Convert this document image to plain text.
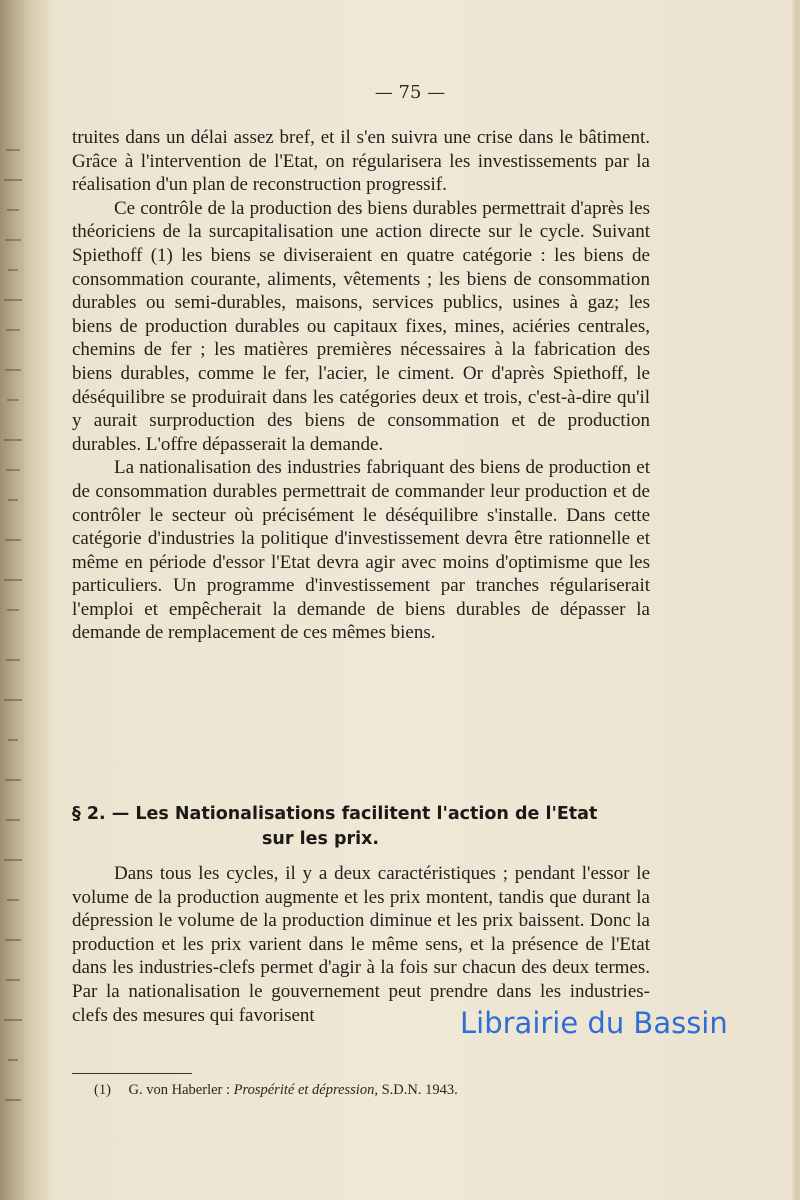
— 75 —

truites dans un délai assez bref, et il s'en suivra une crise dans le bâtiment. Grâce à l'intervention de l'Etat, on régularisera les investissements par la réalisation d'un plan de reconstruction progressif.

Ce contrôle de la production des biens durables permettrait d'après les théoriciens de la surcapitalisation une action directe sur le cycle. Suivant Spiethoff (1) les biens se diviseraient en quatre catégorie : les biens de consommation courante, aliments, vêtements ; les biens de consommation durables ou semi-durables, maisons, services publics, usines à gaz; les biens de production durables ou capitaux fixes, mines, aciéries centrales, chemins de fer ; les matières premières nécessaires à la fabrication des biens durables, comme le fer, l'acier, le ciment. Or d'après Spiethoff, le déséquilibre se produirait dans les catégories deux et trois, c'est-à-dire qu'il y aurait surproduction des biens de consommation et de production durables. L'offre dépasserait la demande.

La nationalisation des industries fabriquant des biens de production et de consommation durables permettrait de commander leur production et de contrôler le secteur où précisément le déséquilibre s'installe. Dans cette catégorie d'industries la politique d'investissement devra être rationnelle et même en période d'essor l'Etat devra agir avec moins d'optimisme que les particuliers. Un programme d'investissement par tranches régulariserait l'emploi et empêcherait la demande de biens durables de dépasser la demande de remplacement de ces mêmes biens.

§ 2. — Les Nationalisations facilitent l'action de l'Etat
sur les prix.

Dans tous les cycles, il y a deux caractéristiques ; pendant l'essor le volume de la production augmente et les prix montent, tandis que durant la dépression le volume de la production diminue et les prix baissent. Donc la production et les prix varient dans le même sens, et la présence de l'Etat dans les industries-clefs permet d'agir à la fois sur chacun des deux termes. Par la nationalisation le gouvernement peut prendre dans les industries-clefs des mesures qui favorisent

(1) G. von Haberler : Prospérité et dépression, S.D.N. 1943.
Librairie du Bassin
